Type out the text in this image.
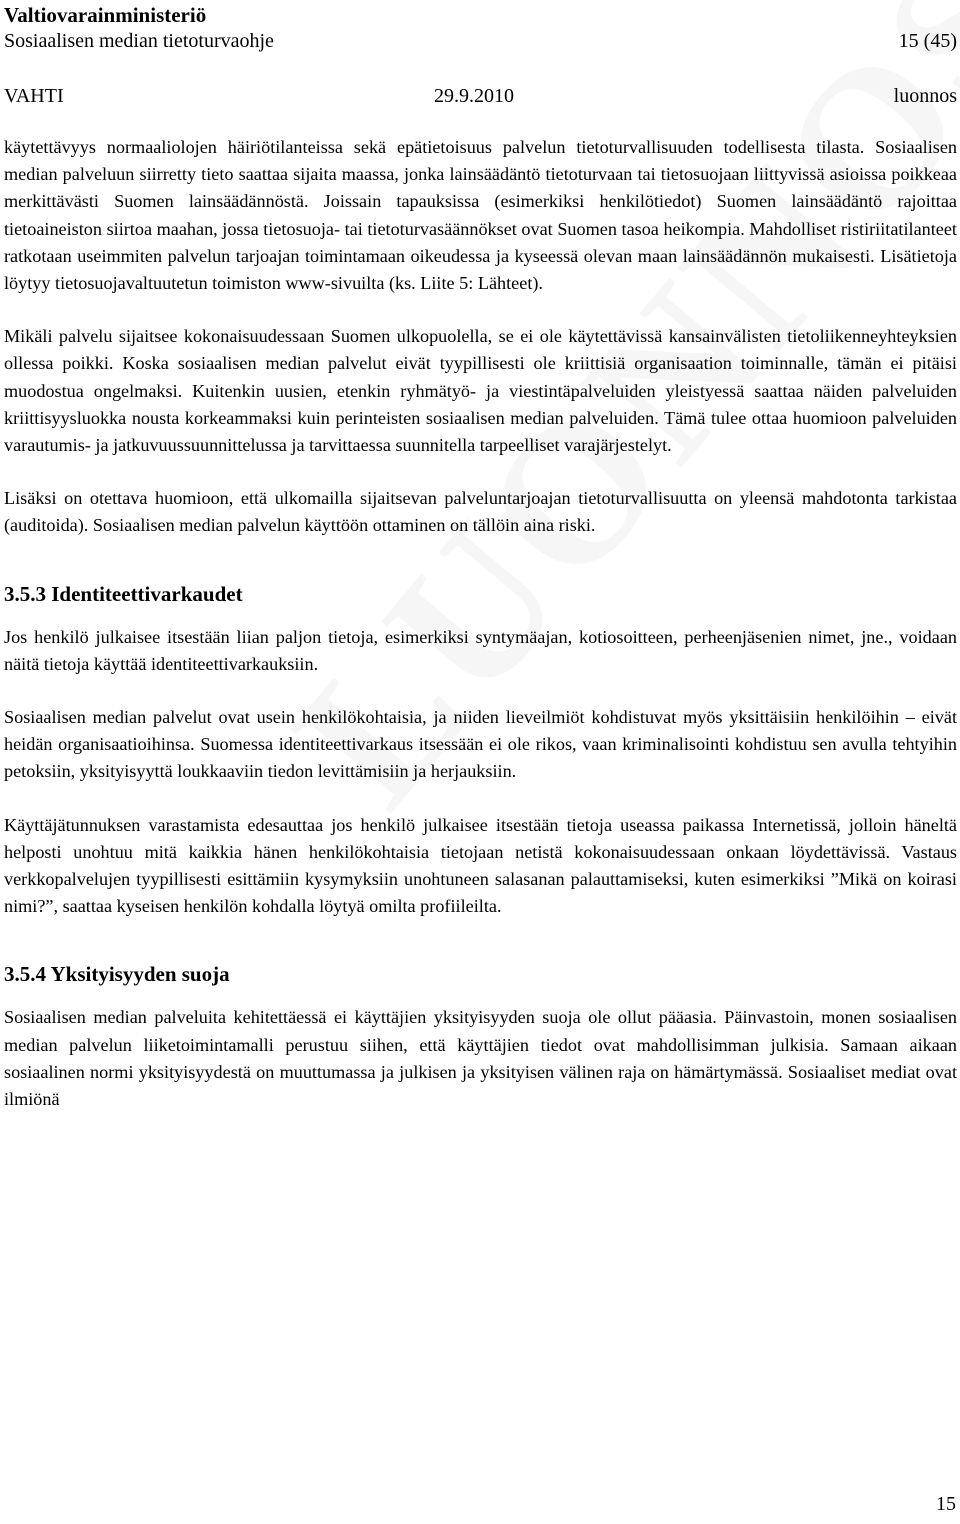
Valtiovarainministeriö
Sosiaalisen median tietoturvaohje	15 (45)
VAHTI	29.9.2010	luonnos

käytettävyys normaaliolojen häiriötilanteissa sekä epätietoisuus palvelun tietoturvallisuuden todellisesta tilasta. Sosiaalisen median palveluun siirretty tieto saattaa sijaita maassa, jonka lainsäädäntö tietoturvaan tai tietosuojaan liittyvissä asioissa poikkeaa merkittävästi Suomen lainsäädännöstä. Joissain tapauksissa (esimerkiksi henkilötiedot) Suomen lainsäädäntö rajoittaa tietoaineiston siirtoa maahan, jossa tietosuoja- tai tietoturvasäännökset ovat Suomen tasoa heikompia. Mahdolliset ristiriitatilanteet ratkotaan useimmiten palvelun tarjoajan toimintamaan oikeudessa ja kyseessä olevan maan lainsäädännön mukaisesti. Lisätietoja löytyy tietosuojavaltuutetun toimiston www-sivuilta (ks. Liite 5: Lähteet).

Mikäli palvelu sijaitsee kokonaisuudessaan Suomen ulkopuolella, se ei ole käytettävissä kansainvälisten tietoliikenneyhteyksien ollessa poikki. Koska sosiaalisen median palvelut eivät tyypillisesti ole kriittisiä organisaation toiminnalle, tämän ei pitäisi muodostua ongelmaksi. Kuitenkin uusien, etenkin ryhmätyö- ja viestintäpalveluiden yleistyessä saattaa näiden palveluiden kriittisyysluokka nousta korkeammaksi kuin perinteisten sosiaalisen median palveluiden. Tämä tulee ottaa huomioon palveluiden varautumis- ja jatkuvuussuunnittelussa ja tarvittaessa suunnitella tarpeelliset varajärjestelyt.

Lisäksi on otettava huomioon, että ulkomailla sijaitsevan palveluntarjoajan tietoturvallisuutta on yleensä mahdotonta tarkistaa (auditoida). Sosiaalisen median palvelun käyttöön ottaminen on tällöin aina riski.

3.5.3 Identiteettivarkaudet

Jos henkilö julkaisee itsestään liian paljon tietoja, esimerkiksi syntymäajan, kotiosoitteen, perheenjäsenien nimet, jne., voidaan näitä tietoja käyttää identiteettivarkauksiin.

Sosiaalisen median palvelut ovat usein henkilökohtaisia, ja niiden lieveilmiöt kohdistuvat myös yksittäisiin henkilöihin – eivät heidän organisaatioihinsa. Suomessa identiteettivarkaus itsessään ei ole rikos, vaan kriminalisointi kohdistuu sen avulla tehtyihin petoksiin, yksityisyyttä loukkaaviin tiedon levittämisiin ja herjauksiin.

Käyttäjätunnuksen varastamista edesauttaa jos henkilö julkaisee itsestään tietoja useassa paikassa Internetissä, jolloin häneltä helposti unohtuu mitä kaikkia hänen henkilökohtaisia tietojaan netistä kokonaisuudessaan onkaan löydettävissä. Vastaus verkkopalvelujen tyypillisesti esittämiin kysymyksiin unohtuneen salasanan palauttamiseksi, kuten esimerkiksi ”Mikä on koirasi nimi?”, saattaa kyseisen henkilön kohdalla löytyä omilta profiileilta.

3.5.4 Yksityisyyden suoja

Sosiaalisen median palveluita kehitettäessä ei käyttäjien yksityisyyden suoja ole ollut pääasia. Päinvastoin, monen sosiaalisen median palvelun liiketoimintamalli perustuu siihen, että käyttäjien tiedot ovat mahdollisimman julkisia. Samaan aikaan sosiaalinen normi yksityisyydestä on muuttumassa ja julkisen ja yksityisen välinen raja on hämärtymässä. Sosiaaliset mediat ovat ilmiönä

15
